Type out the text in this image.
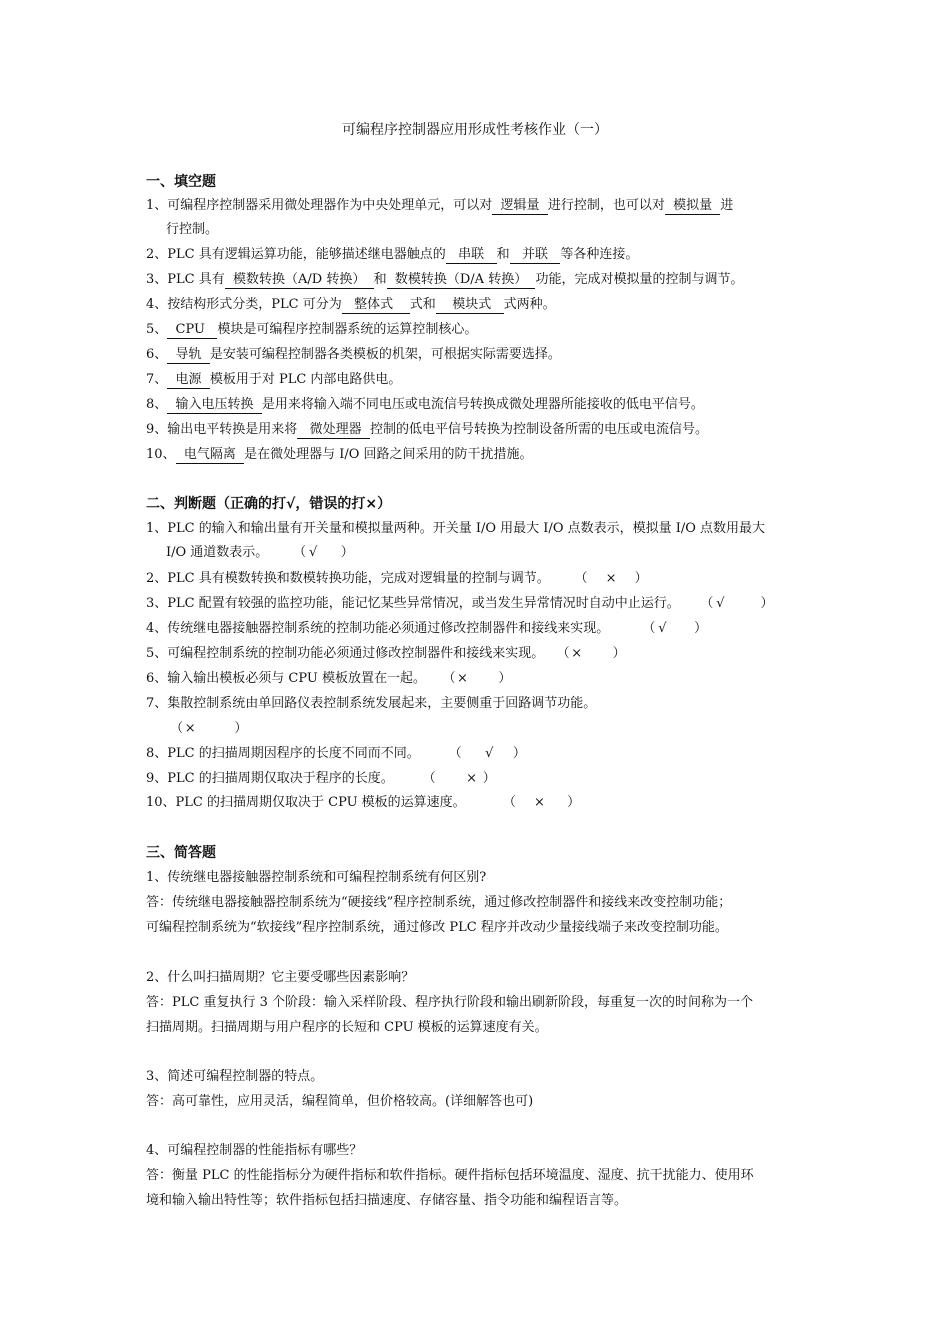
可编程序控制器应用形成性考核作业（一）
一、填空题
1、可编程序控制器采用微处理器作为中央处理单元，可以对 逻辑量 进行控制，也可以对 模拟量 进
行控制。
2、PLC 具有逻辑运算功能，能够描述继电器触点的 串联 和 并联 等各种连接。
3、PLC 具有 模数转换（A/D 转换） 和 数模转换（D/A 转换） 功能，完成对模拟量的控制与调节。
4、按结构形式分类，PLC 可分为 整体式 式和 模块式 式两种。
5、 CPU 模块是可编程序控制器系统的运算控制核心。
6、 导轨 是安装可编程控制器各类模板的机架，可根据实际需要选择。
7、 电源 模板用于对 PLC 内部电路供电。
8、 输入电压转换 是用来将输入端不同电压或电流信号转换成微处理器所能接收的低电平信号。
9、输出电平转换是用来将   微处理器 控制的低电平信号转换为控制设备所需的电压或电流信号。
10、 电气隔离 是在微处理器与 I/O 回路之间采用的防干扰措施。
二、判断题（正确的打√，错误的打×）
1、PLC 的输入和输出量有开关量和模拟量两种。开关量 I/O 用最大 I/O 点数表示，模拟量 I/O 点数用最大
I/O 通道数表示。      （ √     ）
2、PLC 具有模数转换和数模转换功能，完成对逻辑量的控制与调节。      （    ×    ）
3、PLC 配置有较强的监控功能，能记忆某些异常情况，或当发生异常情况时自动中止运行。     （ √        ）
4、传统继电器接触器控制系统的控制功能必须通过修改控制器件和接线来实现。        （ √      ）
5、可编程控制系统的控制功能必须通过修改控制器件和接线来实现。   （ ×       ）
6、输入输出模板必须与 CPU 模板放置在一起。    （ ×       ）
7、集散控制系统由单回路仪表控制系统发展起来，主要侧重于回路调节功能。
（ ×         ）
8、PLC 的扫描周期因程序的长度不同而不同。       （     √    ）
9、PLC 的扫描周期仅取决于程序的长度。       （       × ）
10、PLC 的扫描周期仅取决于 CPU 模板的运算速度。         （    ×     ）
三、简答题
1、传统继电器接触器控制系统和可编程控制系统有何区别?
答：传统继电器接触器控制系统为“硬接线”程序控制系统，通过修改控制器件和接线来改变控制功能；
可编程控制系统为“软接线”程序控制系统，通过修改 PLC 程序并改动少量接线端子来改变控制功能。
2、什么叫扫描周期？它主要受哪些因素影响？
答：PLC 重复执行 3 个阶段：输入采样阶段、程序执行阶段和输出刷新阶段，每重复一次的时间称为一个
扫描周期。扫描周期与用户程序的长短和 CPU 模板的运算速度有关。
3、简述可编程控制器的特点。
答：高可靠性，应用灵活，编程简单，但价格较高。(详细解答也可)
4、可编程控制器的性能指标有哪些？
答：衡量 PLC 的性能指标分为硬件指标和软件指标。硬件指标包括环境温度、湿度、抗干扰能力、使用环
境和输入输出特性等；软件指标包括扫描速度、存储容量、指令功能和编程语言等。
